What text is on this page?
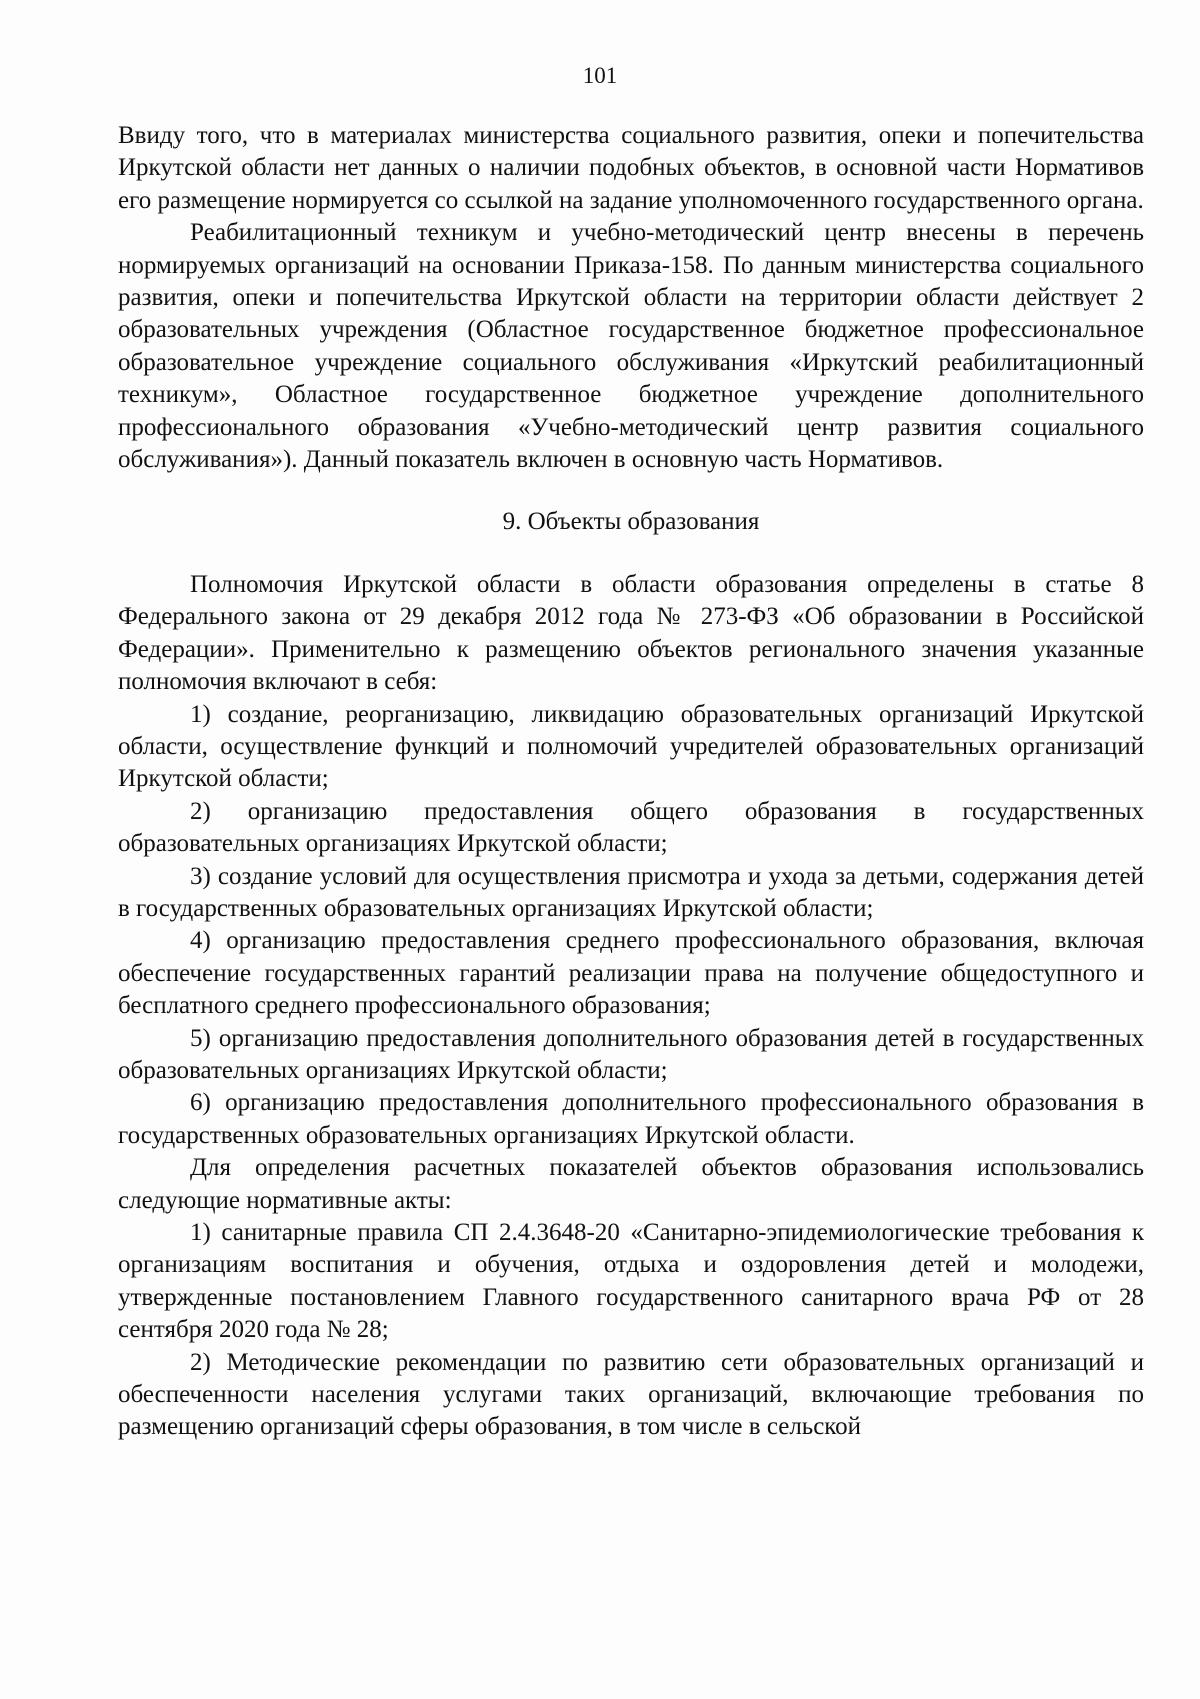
101

Ввиду того, что в материалах министерства социального развития, опеки и попечительства Иркутской области нет данных о наличии подобных объектов, в основной части Нормативов его размещение нормируется со ссылкой на задание уполномоченного государственного органа.

Реабилитационный техникум и учебно-методический центр внесены в перечень нормируемых организаций на основании Приказа-158. По данным министерства социального развития, опеки и попечительства Иркутской области на территории области действует 2 образовательных учреждения (Областное государственное бюджетное профессиональное образовательное учреждение социального обслуживания «Иркутский реабилитационный техникум», Областное государственное бюджетное учреждение дополнительного профессионального образования «Учебно-методический центр развития социального обслуживания»). Данный показатель включен в основную часть Нормативов.

9. Объекты образования

Полномочия Иркутской области в области образования определены в статье 8 Федерального закона от 29 декабря 2012 года № 273-ФЗ «Об образовании в Российской Федерации». Применительно к размещению объектов регионального значения указанные полномочия включают в себя:

1) создание, реорганизацию, ликвидацию образовательных организаций Иркутской области, осуществление функций и полномочий учредителей образовательных организаций Иркутской области;

2) организацию предоставления общего образования в государственных образовательных организациях Иркутской области;

3) создание условий для осуществления присмотра и ухода за детьми, содержания детей в государственных образовательных организациях Иркутской области;

4) организацию предоставления среднего профессионального образования, включая обеспечение государственных гарантий реализации права на получение общедоступного и бесплатного среднего профессионального образования;

5) организацию предоставления дополнительного образования детей в государственных образовательных организациях Иркутской области;

6) организацию предоставления дополнительного профессионального образования в государственных образовательных организациях Иркутской области.

Для определения расчетных показателей объектов образования использовались следующие нормативные акты:

1) санитарные правила СП 2.4.3648-20 «Санитарно-эпидемиологические требования к организациям воспитания и обучения, отдыха и оздоровления детей и молодежи, утвержденные постановлением Главного государственного санитарного врача РФ от 28 сентября 2020 года № 28;

2) Методические рекомендации по развитию сети образовательных организаций и обеспеченности населения услугами таких организаций, включающие требования по размещению организаций сферы образования, в том числе в сельской
